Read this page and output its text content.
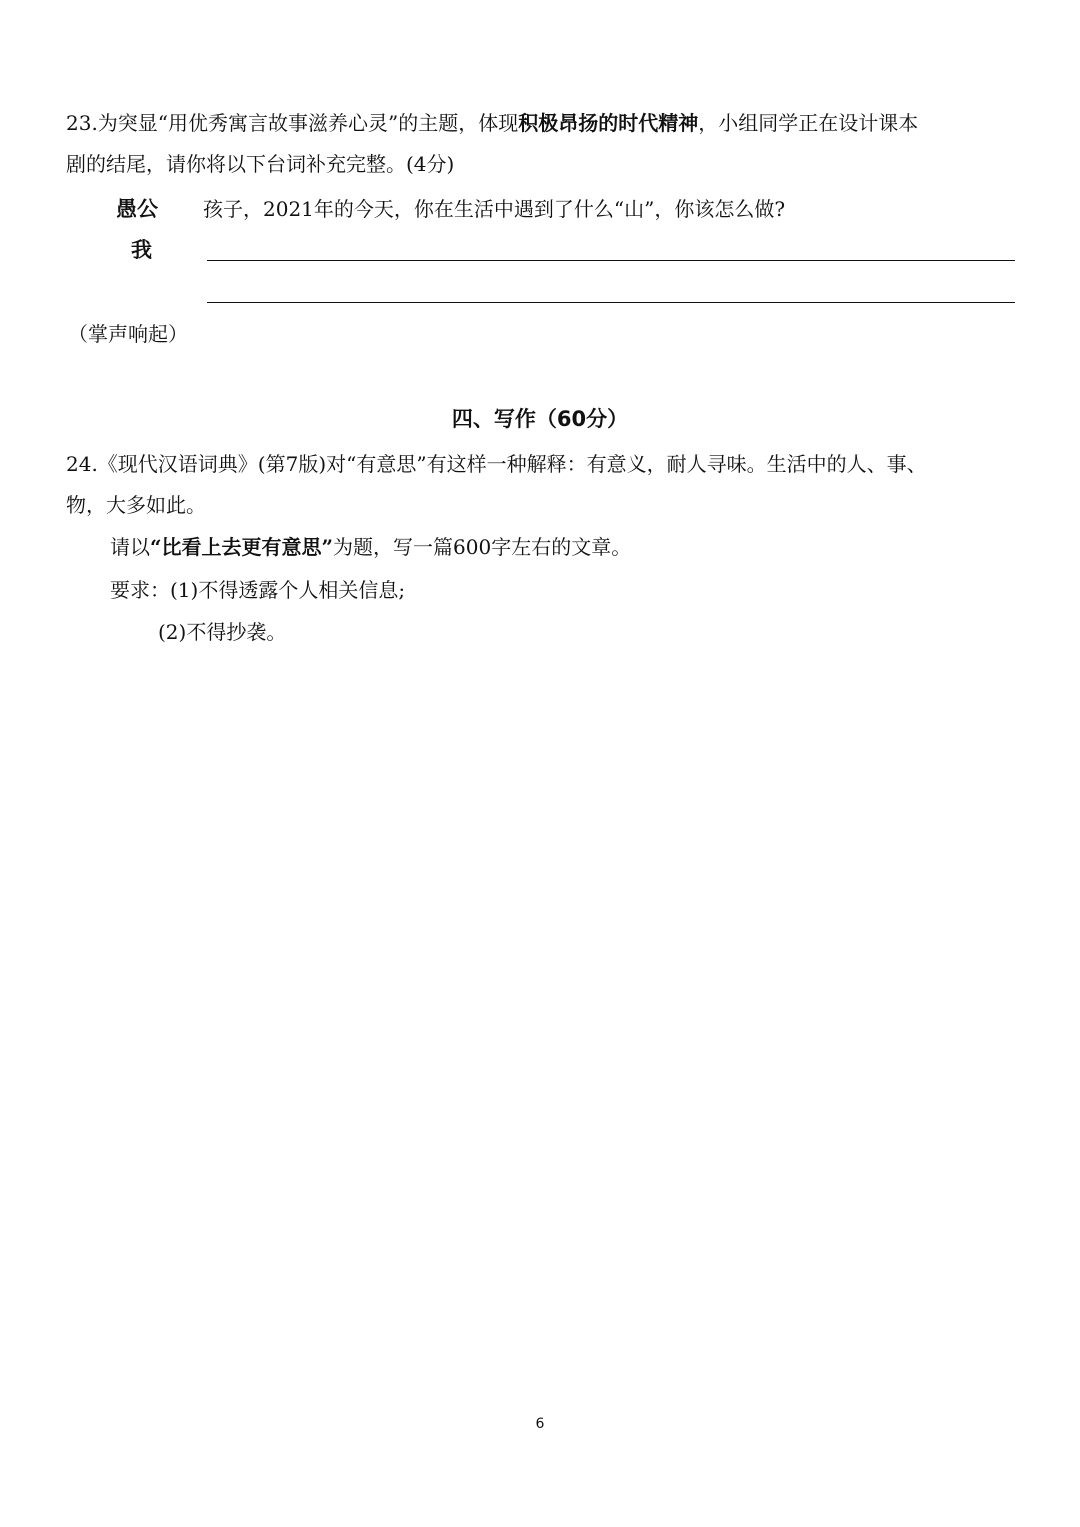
23.为突显“用优秀寓言故事滋养心灵”的主题，体现积极昂扬的时代精神，小组同学正在设计课本
剧的结尾，请你将以下台词补充完整。(4分)
愚公 孩子，2021年的今天，你在生活中遇到了什么“山”，你该怎么做?
我
（掌声响起）
四、写作（60分）
24.《现代汉语词典》(第7版)对“有意思”有这样一种解释：有意义，耐人寻味。生活中的人、事、
物，大多如此。
请以“比看上去更有意思”为题，写一篇600字左右的文章。
要求：(1)不得透露个人相关信息;
(2)不得抄袭。
6
